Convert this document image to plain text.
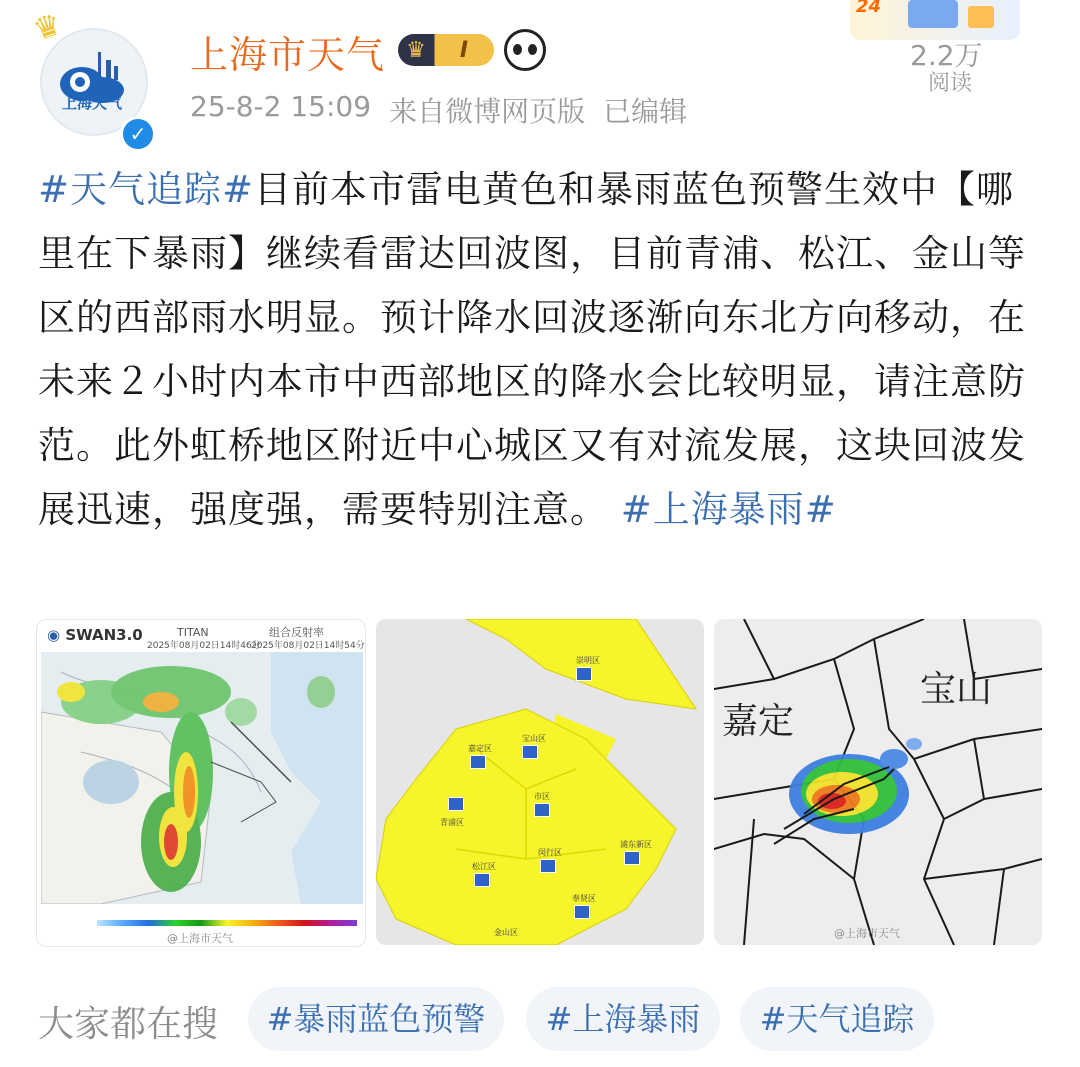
上海天气
♛
✓
上海市天气 ♛	I
25-8-2 15:09 来自微博网页版 已编辑
24
2.2万
阅读
#天气追踪#目前本市雷电黄色和暴雨蓝色预警生效中【哪里在下暴雨】继续看雷达回波图，目前青浦、松江、金山等区的西部雨水明显。预计降水回波逐渐向东北方向移动，在未来２小时内本市中西部地区的降水会比较明显，请注意防范。此外虹桥地区附近中心城区又有对流发展，这块回波发展迅速，强度强，需要特别注意。 #上海暴雨#
◉ SWAN3.0	TITAN
2025年08月02日14时46分
组合反射率
2025年08月02日14时54分
@上海市天气
崇明区
嘉定区
宝山区
市区
青浦区
闵行区
浦东新区
松江区
奉贤区
金山区
宝山
嘉定
@上海市天气
大家都在搜	#暴雨蓝色预警	#上海暴雨	#天气追踪
